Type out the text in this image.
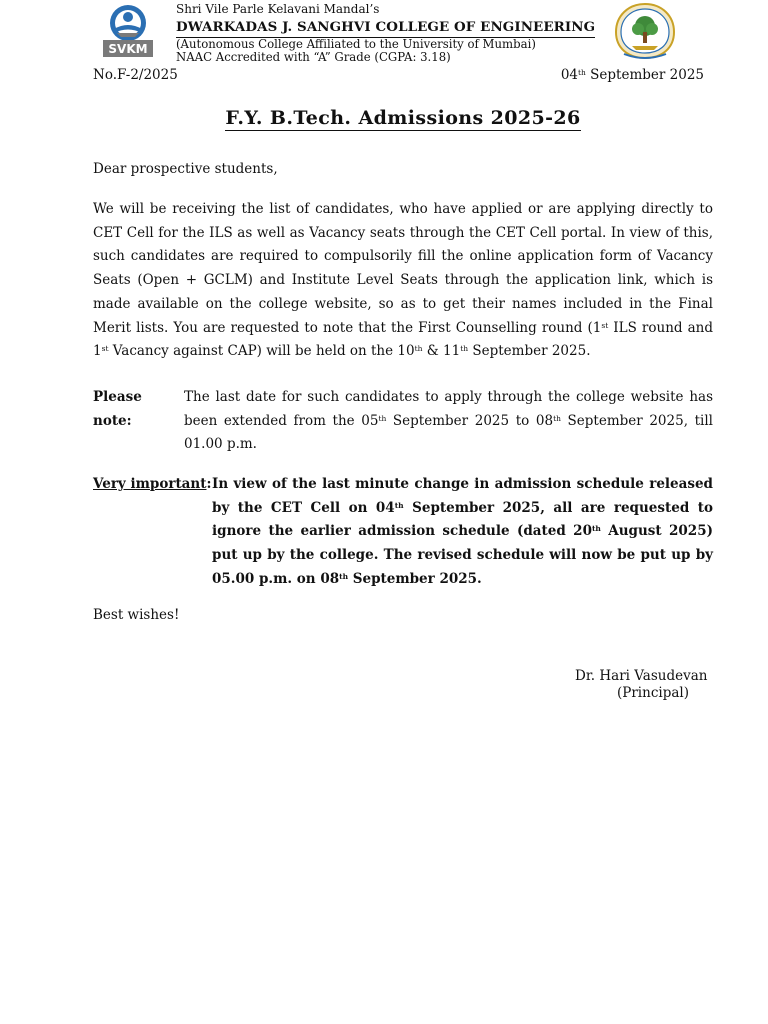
SVKM
Shri Vile Parle Kelavani Mandal’s
DWARKADAS J. SANGHVI COLLEGE OF ENGINEERING
(Autonomous College Affiliated to the University of Mumbai)
NAAC Accredited with “A” Grade (CGPA: 3.18)
No.F-2/2025	04th September 2025
F.Y. B.Tech. Admissions 2025-26
Dear prospective students,
We will be receiving the list of candidates, who have applied or are applying directly to CET Cell for the ILS as well as Vacancy seats through the CET Cell portal. In view of this, such candidates are required to compulsorily fill the online application form of Vacancy Seats (Open + GCLM) and Institute Level Seats through the application link, which is made available on the college website, so as to get their names included in the Final Merit lists. You are requested to note that the First Counselling round (1st ILS round and 1st Vacancy against CAP) will be held on the 10th & 11th September 2025.
Please note:
The last date for such candidates to apply through the college website has been extended from the 05th September 2025 to 08th September 2025, till 01.00 p.m.
Very important: In view of the last minute change in admission schedule released by the CET Cell on 04th September 2025, all are requested to ignore the earlier admission schedule (dated 20th August 2025) put up by the college. The revised schedule will now be put up by 05.00 p.m. on 08th September 2025.
Best wishes!
Dr. Hari Vasudevan
(Principal)
